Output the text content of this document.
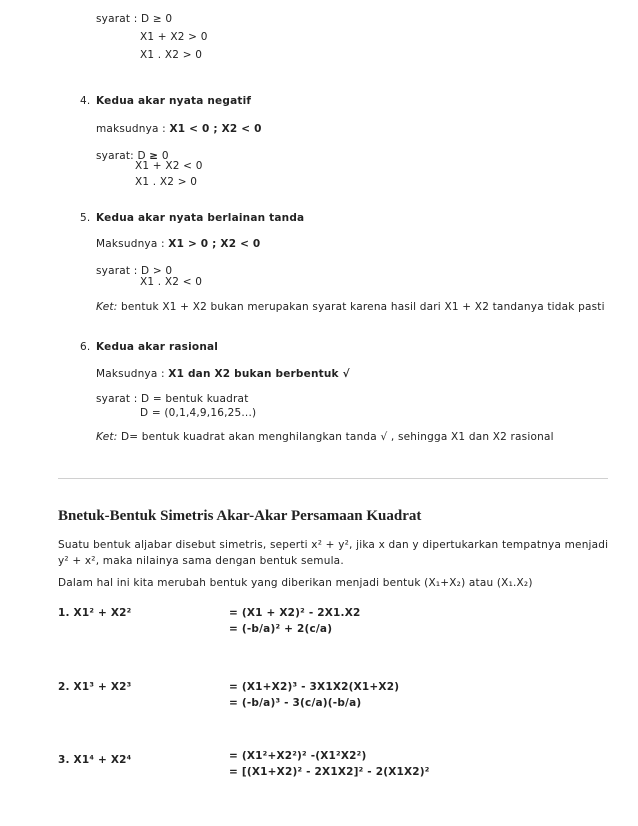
syarat : D ≥ 0
X1 + X2 > 0
X1 . X2 > 0
4. Kedua akar nyata negatif
maksudnya : X1 < 0 ; X2 < 0
syarat: D ≥ 0
X1 + X2 < 0
X1 . X2 > 0
5. Kedua akar nyata berlainan tanda
Maksudnya : X1 > 0 ; X2 < 0
syarat : D > 0
X1 . X2 < 0
Ket: bentuk X1 + X2 bukan merupakan syarat karena hasil dari X1 + X2 tandanya tidak pasti
6. Kedua akar rasional
Maksudnya : X1 dan X2 bukan berbentuk √
syarat : D = bentuk kuadrat
D = (0,1,4,9,16,25...)
Ket: D= bentuk kuadrat akan menghilangkan tanda √ , sehingga X1 dan X2 rasional
Bnetuk-Bentuk Simetris Akar-Akar Persamaan Kuadrat
Suatu bentuk aljabar disebut simetris, seperti x² + y², jika x dan y dipertukarkan tempatnya menjadi
y² + x², maka nilainya sama dengan bentuk semula.
Dalam hal ini kita merubah bentuk yang diberikan menjadi bentuk (X₁+X₂) atau (X₁.X₂)
1. X1² + X2²	= (X1 + X2)² - 2X1.X2
= (-b/a)² + 2(c/a)
2. X1³ + X2³	= (X1+X2)³ - 3X1X2(X1+X2)
= (-b/a)³ - 3(c/a)(-b/a)
3. X1⁴ + X2⁴	= (X1²+X2²)² -(X1²X2²)
= [(X1+X2)² - 2X1X2]² - 2(X1X2)²
